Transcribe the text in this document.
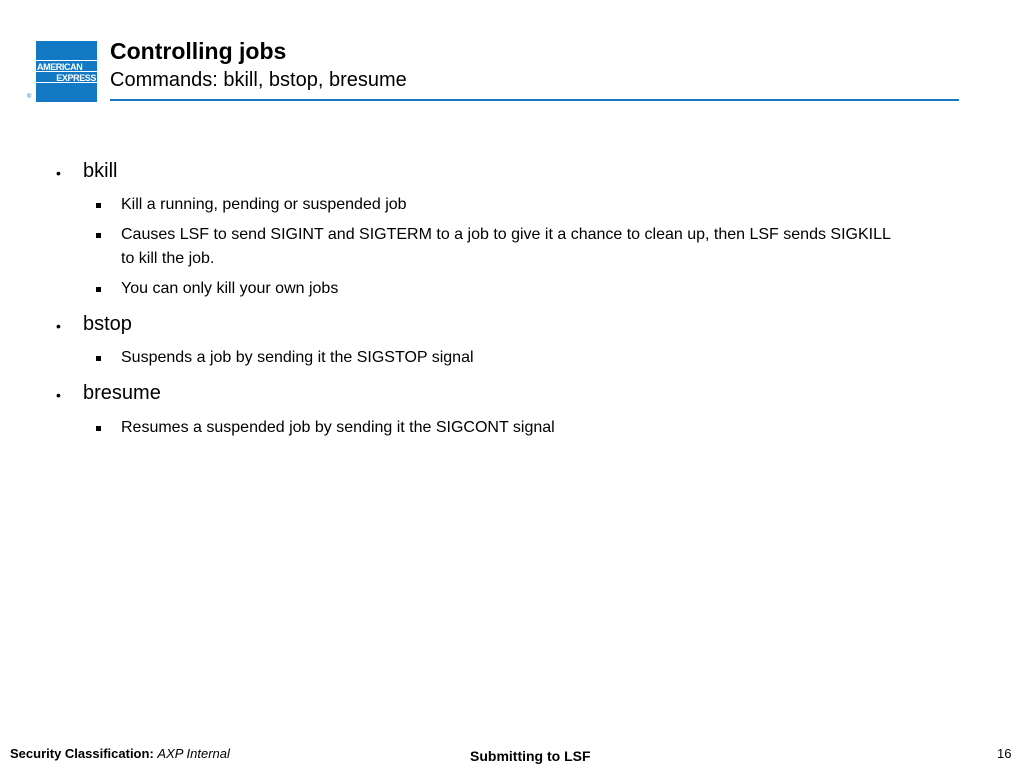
AMERICAN
EXPRESS
®
Controlling jobs
Commands: bkill, bstop, bresume
• bkill
Kill a running, pending or suspended job
Causes LSF to send SIGINT and SIGTERM to a job to give it a chance to clean up, then LSF sends SIGKILL to kill the job.
You can only kill your own jobs
• bstop
Suspends a job by sending it the SIGSTOP signal
• bresume
Resumes a suspended job by sending it the SIGCONT signal
Security Classification: AXP Internal	Submitting to LSF	16
